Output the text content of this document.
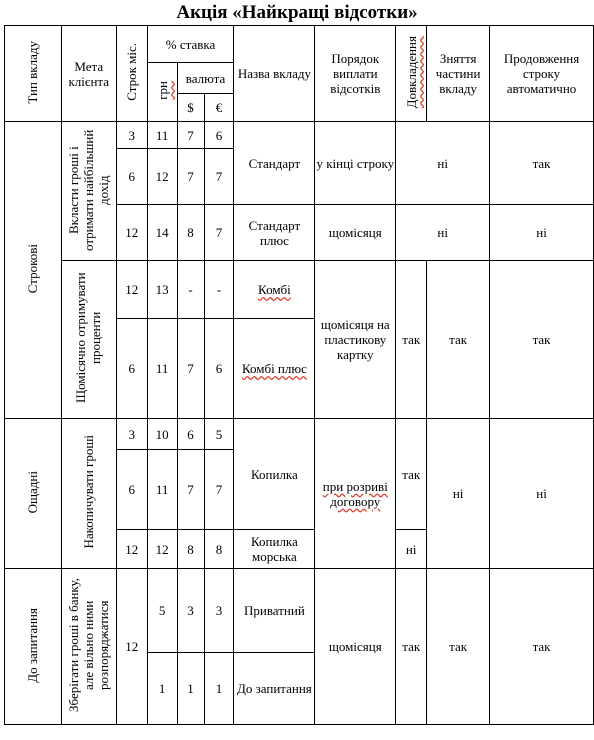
Акція «Найкращі відсотки»
Тип вкладу	Мета клієнта	Строк міс.	% ставка			Назва вкладу	Порядок виплати відсотків	Довкладення	Зняття частини вкладу	Продовження строку автоматично
			грн	валюта						
				$	€					
Строкові	Вкласти гроші і отримати найбільший дохід	3	11	7	6	Стандарт	у кінці строку	ні		так
		6	12	7	7					
		12	14	8	7	Стандарт плюс	щомісяця	ні		ні
	Щомісячно отримувати проценти	12	13	-	-	Комбі	щомісяця на пластикову картку	так	так	так
		6	11	7	6	Комбі плюс				

Ощадні	Накопичувати гроші	3	10	6	5	Копилка	при розриві договору	так	ні	ні
		6	11	7	7					
		12	12	8	8	Копилка морська		ні		
До запитання	Зберігати гроші в банку, але вільно ними розпоряджатися	12	5	3	3	Приватний	щомісяця	так	так	так
			1	1	1	До запитання				
